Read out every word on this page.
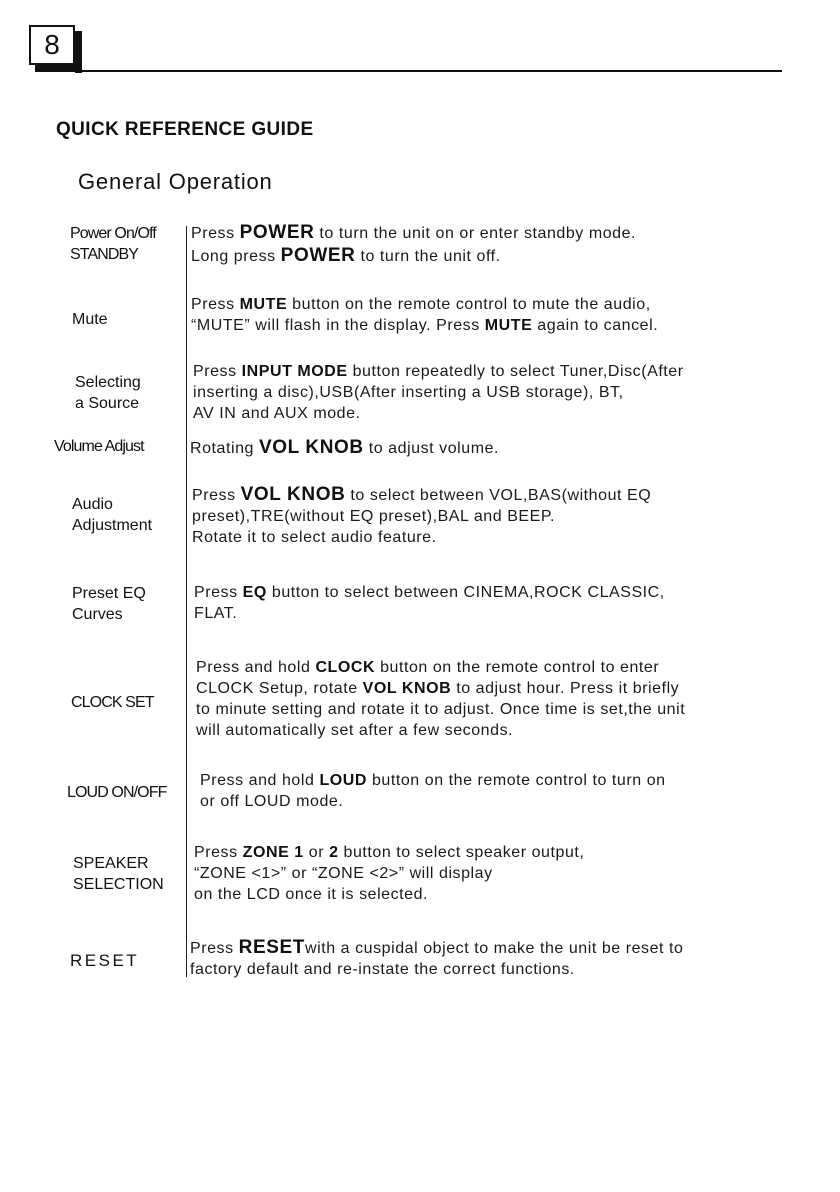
8
QUICK REFERENCE GUIDE
General Operation
Power On/Off
STANDBY
Press POWER to turn the unit on or enter standby mode.
Long press POWER to turn the unit off.
Mute
Press MUTE button on the remote control to mute the audio,
“MUTE” will flash in the display. Press MUTE again to cancel.
Selecting
a Source
Press INPUT MODE button repeatedly to select Tuner,Disc(After
inserting a disc),USB(After inserting a USB storage), BT,
AV IN and AUX mode.
Volume Adjust	Rotating VOL KNOB to adjust volume.
Audio
Adjustment
Press VOL KNOB to select between VOL,BAS(without EQ
preset),TRE(without EQ preset),BAL and BEEP.
Rotate it to select audio feature.
Preset EQ
Curves
Press EQ button to select between CINEMA,ROCK CLASSIC,
FLAT.
CLOCK SET
Press and hold CLOCK button on the remote control to enter
CLOCK Setup, rotate VOL KNOB to adjust hour. Press it briefly
to minute setting and rotate it to adjust. Once time is set,the unit
will automatically set after a few seconds.
LOUD ON/OFF
Press and hold LOUD button on the remote control to turn on
or off LOUD mode.
SPEAKER
SELECTION
Press ZONE 1 or 2 button to select speaker output,
“ZONE <1>” or “ZONE <2>” will display
on the LCD once it is selected.
RESET
Press RESETwith a cuspidal object to make the unit be reset to
factory default and re-instate the correct functions.
